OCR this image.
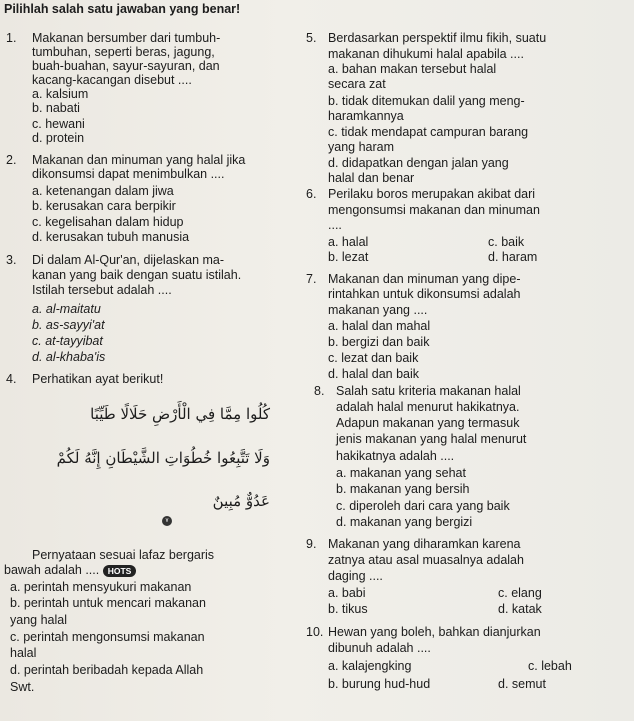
Pilihlah salah satu jawaban yang benar!
1. Makanan bersumber dari tumbuh-
tumbuhan, seperti beras, jagung,
buah-buahan, sayur-sayuran, dan
kacang-kacangan disebut ....
a. kalsium
b. nabati
c. hewani
d. protein
2. Makanan dan minuman yang halal jika
dikonsumsi dapat menimbulkan ....
a. ketenangan dalam jiwa
b. kerusakan cara berpikir
c. kegelisahan dalam hidup
d. kerusakan tubuh manusia
3. Di dalam Al-Qur'an, dijelaskan ma-
kanan yang baik dengan suatu istilah.
Istilah tersebut adalah ....
a. al-maitatu
b. as-sayyi'at
c. at-tayyibat
d. al-khaba'is
4. Perhatikan ayat berikut!
كُلُوا مِمَّا فِي الْأَرْضِ حَلَالًا طَيِّبًا
وَلَا تَتَّبِعُوا خُطُوَاتِ الشَّيْطَانِ إِنَّهُ لَكُمْ
عَدُوٌّ مُبِينٌ
۷
Pernyataan sesuai lafaz bergaris
bawah adalah .... HOTS
a. perintah mensyukuri makanan
b. perintah untuk mencari makanan
yang halal
c. perintah mengonsumsi makanan
halal
d. perintah beribadah kepada Allah
Swt.
5. Berdasarkan perspektif ilmu fikih, suatu
makanan dihukumi halal apabila ....
a. bahan makan tersebut halal
secara zat
b. tidak ditemukan dalil yang meng-
haramkannya
c. tidak mendapat campuran barang
yang haram
d. didapatkan dengan jalan yang
halal dan benar
6. Perilaku boros merupakan akibat dari
mengonsumsi makanan dan minuman
....
a. halal	c. baik
b. lezat	d. haram
7. Makanan dan minuman yang dipe-
rintahkan untuk dikonsumsi adalah
makanan yang ....
a. halal dan mahal
b. bergizi dan baik
c. lezat dan baik
d. halal dan baik
8. Salah satu kriteria makanan halal
adalah halal menurut hakikatnya.
Adapun makanan yang termasuk
jenis makanan yang halal menurut
hakikatnya adalah ....
a. makanan yang sehat
b. makanan yang bersih
c. diperoleh dari cara yang baik
d. makanan yang bergizi
9. Makanan yang diharamkan karena
zatnya atau asal muasalnya adalah
daging ....
a. babi	c. elang
b. tikus	d. katak
10. Hewan yang boleh, bahkan dianjurkan
dibunuh adalah ....
a. kalajengking	c. lebah
b. burung hud-hud	d. semut
